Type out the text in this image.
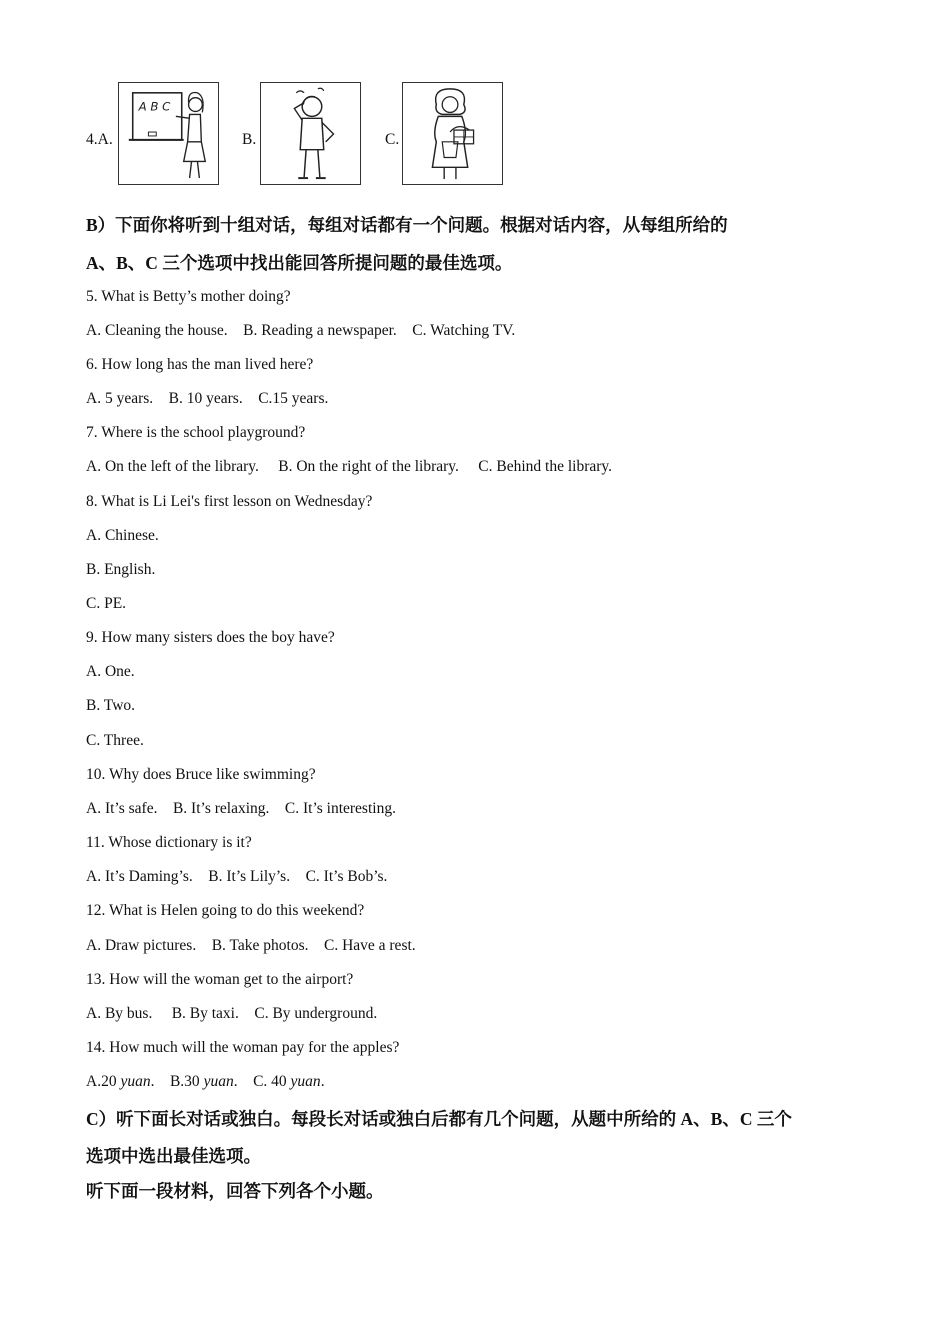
4.A.
A B C
B.	C.
B）下面你将听到十组对话，每组对话都有一个问题。根据对话内容，从每组所给的
A、B、C 三个选项中找出能回答所提问题的最佳选项。
5. What is Betty’s mother doing?
A. Cleaning the house.    B. Reading a newspaper.    C. Watching TV.
6. How long has the man lived here?
A. 5 years.    B. 10 years.    C.15 years.
7. Where is the school playground?
A. On the left of the library.     B. On the right of the library.     C. Behind the library.
8. What is Li Lei's first lesson on Wednesday?
A. Chinese.
B. English.
C. PE.
9. How many sisters does the boy have?
A. One.
B. Two.
C. Three.
10. Why does Bruce like swimming?
A. It’s safe.    B. It’s relaxing.    C. It’s interesting.
11. Whose dictionary is it?
A. It’s Daming’s.    B. It’s Lily’s.    C. It’s Bob’s.
12. What is Helen going to do this weekend?
A. Draw pictures.    B. Take photos.    C. Have a rest.
13. How will the woman get to the airport?
A. By bus.     B. By taxi.    C. By underground.
14. How much will the woman pay for the apples?
A.20 yuan. B.30 yuan. C. 40 yuan.
C）听下面长对话或独白。每段长对话或独白后都有几个问题，从题中所给的 A、B、C 三个
选项中选出最佳选项。
听下面一段材料，回答下列各个小题。
